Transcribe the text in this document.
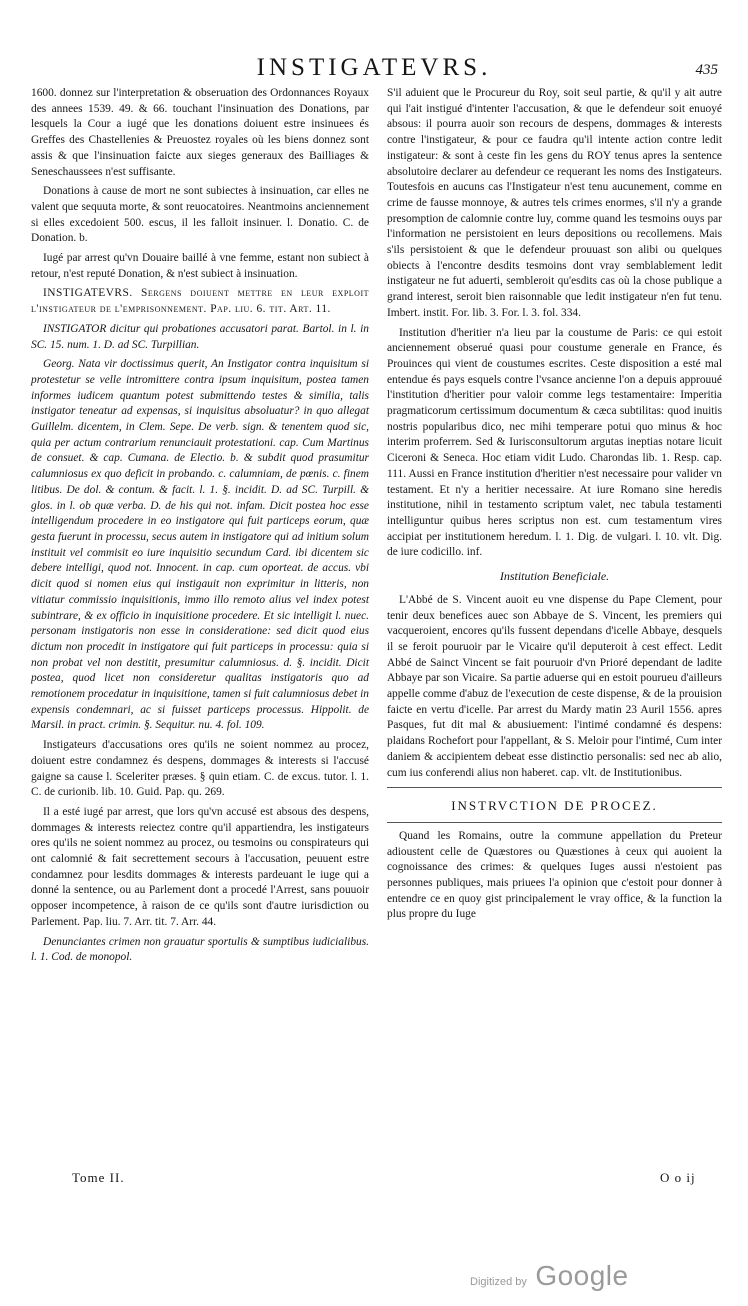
INSTIGATEVRS.	435

1600. donnez sur l'interpretation & obseruation des Ordonnances Royaux des annees 1539. 49. & 66. touchant l'insinuation des Donations, par lesquels la Cour a iugé que les donations doiuent estre insinuees és Greffes des Chastellenies & Preuostez royales où les biens donnez sont assis & que l'insinuation faicte aux sieges generaux des Bailliages & Seneschaussees n'est suffisante.

Donations à cause de mort ne sont subiectes à insinuation, car elles ne valent que sequuta morte, & sont reuocatoires. Neantmoins anciennement si elles excedoient 500. escus, il les falloit insinuer. l. Donatio. C. de Donation. b.

Iugé par arrest qu'vn Douaire baillé à vne femme, estant non subiect à retour, n'est reputé Donation, & n'est subiect à insinuation.

INSTIGATEVRS. Sergens doiuent mettre en leur exploit l'instigateur de l'emprisonnement. Pap. liu. 6. tit. Art. 11.

INSTIGATOR dicitur qui probationes accusatori parat. Bartol. in l. in SC. 15. num. 1. D. ad SC. Turpillian.

Georg. Nata vir doctissimus querit, An Instigator contra inquisitum si protestetur se velle intromittere contra ipsum inquisitum, postea tamen informes iudicem quantum potest submittendo testes & similia, talis instigator teneatur ad expensas, si inquisitus absoluatur? in quo allegat Guillelm. dicentem, in Clem. Sepe. De verb. sign. & tenentem quod sic, quia per actum contrarium renunciauit protestationi. cap. Cum Martinus de consuet. & cap. Cumana. de Electio. b. & subdit quod prasumitur calumniosus ex quo deficit in probando. c. calumniam, de pœnis. c. finem litibus. De dol. & contum. & facit. l. 1. §. incidit. D. ad SC. Turpill. & glos. in l. ob quæ verba. D. de his qui not. infam. Dicit postea hoc esse intelligendum procedere in eo instigatore qui fuit particeps eorum, quæ gesta fuerunt in processu, secus autem in instigatore qui ad initium solum instituit vel commisit eo iure inquisitio secundum Card. ibi dicentem sic debere intelligi, quod not. Innocent. in cap. cum oporteat. de accus. vbi dicit quod si nomen eius qui instigauit non exprimitur in litteris, non vitiatur commissio inquisitionis, immo illo remoto alius vel index potest subintrare, & ex officio in inquisitione procedere. Et sic intelligit l. nuec. personam instigatoris non esse in consideratione: sed dicit quod eius dictum non procedit in instigatore qui fuit particeps in processu: quia si non probat vel non destitit, presumitur calumniosus. d. §. incidit. Dicit postea, quod licet non consideretur qualitas instigatoris quo ad remotionem procedatur in inquisitione, tamen si fuit calumniosus debet in expensis condemnari, ac si fuisset particeps processus. Hippolit. de Marsil. in pract. crimin. §. Sequitur. nu. 4. fol. 109.

Instigateurs d'accusations ores qu'ils ne soient nommez au procez, doiuent estre condamnez és despens, dommages & interests si l'accusé gaigne sa cause l. Sceleriter præses. § quin etiam. C. de excus. tutor. l. 1. C. de curionib. lib. 10. Guid. Pap. qu. 269.

Il a esté iugé par arrest, que lors qu'vn accusé est absous des despens, dommages & interests reiectez contre qu'il appartiendra, les instigateurs ores qu'ils ne soient nommez au procez, ou tesmoins ou conspirateurs qui ont calomnié & fait secrettement secours à l'accusation, peuuent estre condamnez pour lesdits dommages & interests pardeuant le iuge qui a donné la sentence, ou au Parlement dont a procedé l'Arrest, sans pouuoir opposer incompetence, à raison de ce qu'ils sont d'autre iurisdiction ou Parlement. Pap. liu. 7. Arr. tit. 7. Arr. 44.

Denunciantes crimen non grauatur sportulis & sumptibus iudicialibus. l. 1. Cod. de monopol.

S'il aduient que le Procureur du Roy, soit seul partie, & qu'il y ait autre qui l'ait instigué d'intenter l'accusation, & que le defendeur soit enuoyé absous: il pourra auoir son recours de despens, dommages & interests contre l'instigateur, & pour ce faudra qu'il intente action contre ledit instigateur: & sont à ceste fin les gens du ROY tenus apres la sentence absolutoire declarer au defendeur ce requerant les noms des Instigateurs. Toutesfois en aucuns cas l'Instigateur n'est tenu aucunement, comme en crime de fausse monnoye, & autres tels crimes enormes, s'il n'y a grande presomption de calomnie contre luy, comme quand les tesmoins ouys par l'information ne persistoient en leurs depositions ou recollemens. Mais s'ils persistoient & que le defendeur prouuast son alibi ou quelques obiects à l'encontre desdits tesmoins dont vray semblablement ledit instigateur ne fut aduerti, sembleroit qu'esdits cas où la chose publique a grand interest, seroit bien raisonnable que ledit instigateur n'en fut tenu. Imbert. instit. For. lib. 3. For. l. 3. fol. 334.

Institution d'heritier n'a lieu par la coustume de Paris: ce qui estoit anciennement obserué quasi pour coustume generale en France, és Prouinces qui vient de coustumes escrites. Ceste disposition a esté mal entendue és pays esquels contre l'vsance ancienne l'on a depuis approuué l'institution d'heritier pour valoir comme legs testamentaire: Imperitia pragmaticorum certissimum documentum & cæca subtilitas: quod inuitis nostris popularibus dico, nec mihi temperare potui quo minus & hoc interim proferrem. Sed & Iurisconsultorum argutas ineptias notare licuit Ciceroni & Seneca. Hoc etiam vidit Ludo. Charondas lib. 1. Resp. cap. 111. Aussi en France institution d'heritier n'est necessaire pour valider vn testament. Et n'y a heritier necessaire. At iure Romano sine heredis institutione, nihil in testamento scriptum valet, nec tabula testamenti intelliguntur quibus heres scriptus non est. cum testamentum vires accipiat per institutionem heredum. l. 1. Dig. de vulgari. l. 10. vlt. Dig. de iure codicillo. inf.

Institution Beneficiale.

L'Abbé de S. Vincent auoit eu vne dispense du Pape Clement, pour tenir deux benefices auec son Abbaye de S. Vincent, les premiers qui vacqueroient, encores qu'ils fussent dependans d'icelle Abbaye, desquels il se feroit pouruoir par le Vicaire qu'il deputeroit à cest effect. Ledit Abbé de Sainct Vincent se fait pouruoir d'vn Prioré dependant de ladite Abbaye par son Vicaire. Sa partie aduerse qui en estoit pourueu d'ailleurs appelle comme d'abuz de l'execution de ceste dispense, & de la prouision faicte en vertu d'icelle. Par arrest du Mardy matin 23 Auril 1556. apres Pasques, fut dit mal & abusiuement: l'intimé condamné és despens: plaidans Rochefort pour l'appellant, & S. Meloir pour l'intimé, Cum inter daniem & accipientem debeat esse distinctio personalis: sed nec ab alio, cum ius conferendi alius non haberet. cap. vlt. de Institutionibus.

INSTRVCTION DE PROCEZ.

Quand les Romains, outre la commune appellation du Preteur adioustent celle de Quæstores ou Quæstiones à ceux qui auoient la cognoissance des crimes: & quelques Iuges aussi n'estoient pas personnes publiques, mais priuees l'a opinion que c'estoit pour donner à entendre ce en quoy gist principalement le vray office, & la function la plus propre du Iuge

Tome II.	O o ij
Digitized by Google
